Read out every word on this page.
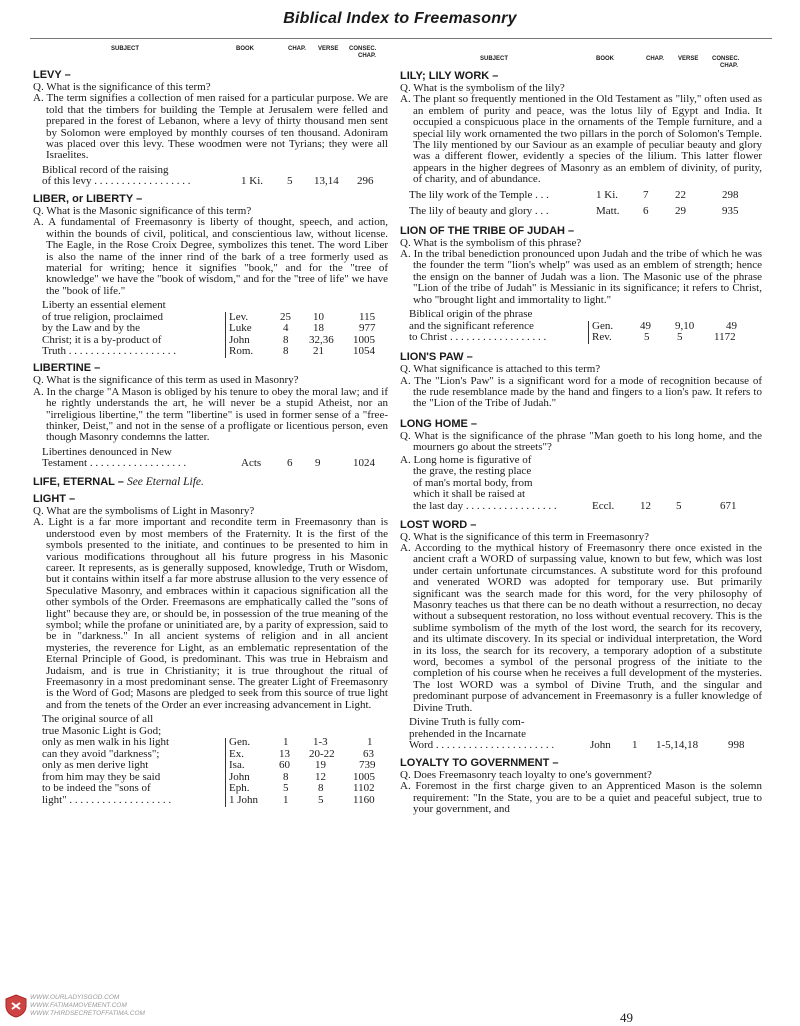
Biblical Index to Freemasonry
SUBJECT	BOOK	CHAP. VERSE CONSEC.
CHAP.
LEVY –

Q. What is the significance of this term?

A. The term signifies a collection of men raised for a particular purpose. We are told that the timbers for building the Temple at Jerusalem were felled and prepared in the forest of Lebanon, where a levy of thirty thousand men sent by Solomon were employed by monthly courses of ten thousand. Adoniram was placed over this levy. These woodmen were not Tyrians; they were all Israelites.

Biblical record of the raising
of this levy . . . . . . . . . . . . . . . . . .	1 Ki. 5 13,14 296
LIBER, or LIBERTY –

Q. What is the Masonic significance of this term?

A. A fundamental of Freemasonry is liberty of thought, speech, and action, within the bounds of civil, political, and conscientious law, without license. The Eagle, in the Rose Croix Degree, symbolizes this tenet. The word Liber is also the name of the inner rind of the bark of a tree formerly used as material for writing; hence it signifies "book," and for the "tree of knowledge" we have the "book of wisdom," and for the "tree of life" we have the "book of life."

Liberty an essential element
of true religion, proclaimed
by the Law and by the
Christ; it is a by-product of
Truth . . . . . . . . . . . . . . . . . . . .
Lev.	25 10	115
Luke	4 18	977
John	8 32,36 1005
Rom.	8 21	1054
LIBERTINE –

Q. What is the significance of this term as used in Masonry?

A. In the charge "A Mason is obliged by his tenure to obey the moral law; and if he rightly understands the art, he will never be a stupid Atheist, nor an "irreligious libertine," the term "libertine" is used in former sense of a "free-thinker, Deist," and not in the sense of a profligate or licentious person, even though Masonry condemns the latter.

Libertines denounced in New
Testament . . . . . . . . . . . . . . . . . .	Acts 6 9	1024
LIFE, ETERNAL – See Eternal Life.
LIGHT –

Q. What are the symbolisms of Light in Masonry?

A. Light is a far more important and recondite term in Freemasonry than is understood even by most members of the Fraternity. It is the first of the symbols presented to the initiate, and continues to be presented to him in various modifications throughout all his future progress in his Masonic career. It represents, as is generally supposed, knowledge, Truth or Wisdom, but it contains within itself a far more abstruse allusion to the very essence of Speculative Masonry, and embraces within it capacious signification all the other symbols of the Order. Freemasons are emphatically called the "sons of light" because they are, or should be, in possession of the true meaning of the symbol; while the profane or uninitiated are, by a parity of expression, said to be in "darkness." In all ancient systems of religion and in all ancient mysteries, the reverence for Light, as an emblematic representation of the Eternal Principle of Good, is predominant. This was true in Hebraism and Judaism, and is true in Christianity; it is true throughout the ritual of Freemasonry in a most predominant sense. The greater Light of Freemasonry is the Word of God; Masons are pledged to seek from this source of true light and from the tenets of the Order an ever increasing advancement in Light.

The original source of all
true Masonic Light is God;
only as men walk in his light
can they avoid "darkness";
only as men derive light
from him may they be said
to be indeed the "sons of
light" . . . . . . . . . . . . . . . . . . .
Gen.	1 1-3	1
Ex.	13 20-22	63
Isa.	60 19	739
John	8 12 1005
Eph.	5	8	1102
1 John 1	5	1160
SUBJECT	BOOK	CHAP. VERSE CONSEC.
CHAP.
LILY; LILY WORK –

Q. What is the symbolism of the lily?

A. The plant so frequently mentioned in the Old Testament as "lily," often used as an emblem of purity and peace, was the lotus lily of Egypt and India. It occupied a conspicuous place in the ornaments of the Temple furniture, and a special lily work ornamented the two pillars in the porch of Solomon's Temple. The lily mentioned by our Saviour as an example of peculiar beauty and glory was a different flower, evidently a species of the lilium. This latter flower appears in the higher degrees of Masonry as an emblem of divinity, of purity, of charity, and of abundance.

The lily work of the Temple . . .	1 Ki. 7 22	298
The lily of beauty and glory . . .	Matt. 6 29	935
LION OF THE TRIBE OF JUDAH –

Q. What is the symbolism of this phrase?

A. In the tribal benediction pronounced upon Judah and the tribe of which he was the founder the term "lion's whelp" was used as an emblem of strength; hence the ensign on the banner of Judah was a lion. The Masonic use of the phrase "Lion of the tribe of Judah" is Messianic in its significance; it refers to Christ, who "brought light and immortality to light."

Biblical origin of the phrase
and the significant reference
to Christ . . . . . . . . . . . . . . . . . .
Gen. 49 9,10	49
Rev.	5	5	1172
LION'S PAW –

Q. What significance is attached to this term?

A. The "Lion's Paw" is a significant word for a mode of recognition because of the rude resemblance made by the hand and fingers to a lion's paw. It refers to the "Lion of the Tribe of Judah."

LONG HOME –

Q. What is the significance of the phrase "Man goeth to his long home, and the mourners go about the streets"?

A. Long home is figurative of
the grave, the resting place
of man's mortal body, from
which it shall be raised at
the last day . . . . . . . . . . . . . . . . .	Eccl. 12 5	671
LOST WORD –

Q. What is the significance of this term in Freemasonry?

A. According to the mythical history of Freemasonry there once existed in the ancient craft a WORD of surpassing value, known to but few, which was lost under certain unfortunate circumstances. A substitute word for this profound and venerated WORD was adopted for temporary use. But primarily significant was the search made for this word, for the very philosophy of Masonry teaches us that there can be no death without a resurrection, no decay without a subsequent restoration, no loss without eventual recovery. This is the sublime symbolism of the myth of the lost word, the search for its recovery, and its ultimate discovery. In its special or individual interpretation, the Word in its loss, the search for its recovery, a temporary adoption of a substitute word, becomes a symbol of the personal progress of the initiate to the completion of his course when he receives a full development of the mysteries. The lost WORD was a symbol of Divine Truth, and the singular and predominant purpose of advancement in Freemasonry is a fuller knowledge of Divine Truth.

Divine Truth is fully com-
prehended in the Incarnate
Word . . . . . . . . . . . . . . . . . . . . . .	John 1 1-5,14,18	998
LOYALTY TO GOVERNMENT –

Q. Does Freemasonry teach loyalty to one's government?

A. Foremost in the first charge given to an Apprenticed Mason is the solemn requirement: "In the State, you are to be a quiet and peaceful subject, true to your government, and

49
WWW.OURLADYISGOD.COM
WWW.FATIMAMOVEMENT.COM
WWW.THIRDSECRETOFFATIMA.COM
